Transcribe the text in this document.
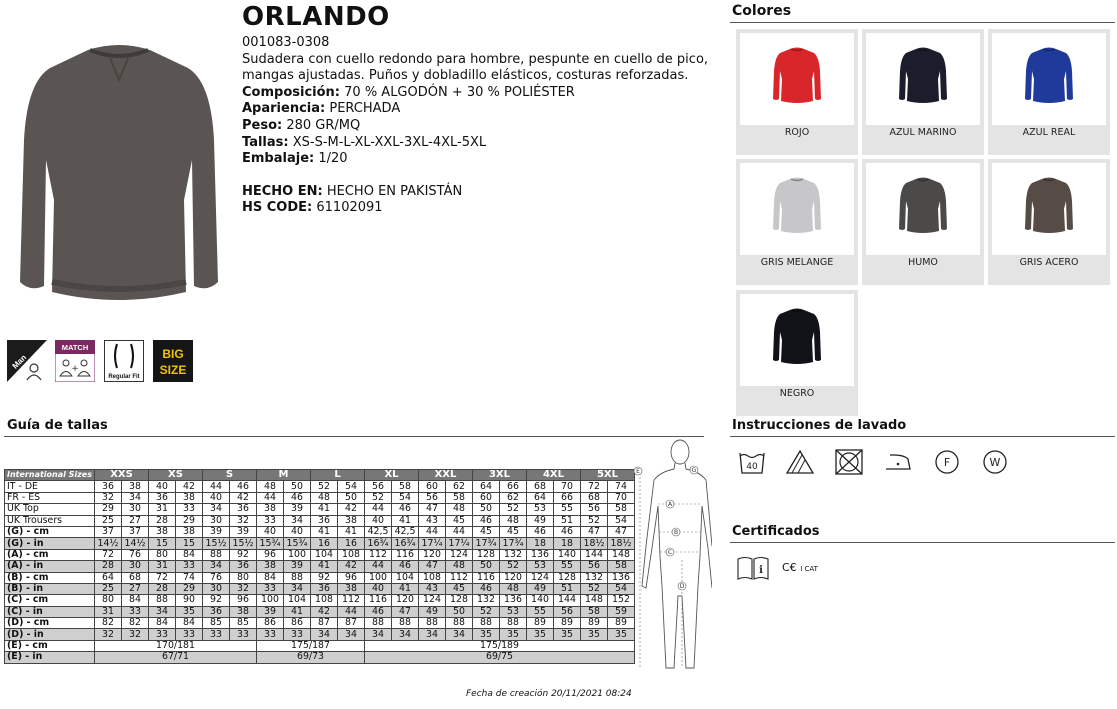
ORLANDO
001083-0308
Sudadera con cuello redondo para hombre, pespunte en cuello de pico, mangas ajustadas. Puños y dobladillo elásticos, costuras reforzadas.
Composición: 70 % ALGODÓN + 30 % POLIÉSTER
Apariencia: PERCHADA
Peso: 280 GR/MQ
Tallas: XS-S-M-L-XL-XXL-3XL-4XL-5XL
Embalaje: 1/20
HECHO EN: HECHO EN PAKISTÁN
HS CODE: 61102091
Man
MATCH
+
Regular Fit
BIG
SIZE
Colores
ROJO	AZUL MARINO	AZUL REAL
GRIS MELANGE	HUMO	GRIS ACERO
NEGRO
Guía de tallas
International Sizes	XXS		XS		S		M		L		XL		XXL		3XL		4XL		5XL	
IT - DE	36	38	40	42	44	46	48	50	52	54	56	58	60	62	64	66	68	70	72	74
FR - ES	32	34	36	38	40	42	44	46	48	50	52	54	56	58	60	62	64	66	68	70
UK Top	29	30	31	33	34	36	38	39	41	42	44	46	47	48	50	52	53	55	56	58
UK Trousers	25	27	28	29	30	32	33	34	36	38	40	41	43	45	46	48	49	51	52	54
(G) - cm	37	37	38	38	39	39	40	40	41	41	42,5	42,5	44	44	45	45	46	46	47	47
(G) - in	14½	14½	15	15	15½	15½	15¾	15¾	16	16	16¾	16¾	17¼	17¼	17¾	17¾	18	18	18½	18½
(A) - cm	72	76	80	84	88	92	96	100	104	108	112	116	120	124	128	132	136	140	144	148
(A) - in	28	30	31	33	34	36	38	39	41	42	44	46	47	48	50	52	53	55	56	58
(B) - cm	64	68	72	74	76	80	84	88	92	96	100	104	108	112	116	120	124	128	132	136
(B) - in	25	27	28	29	30	32	33	34	36	38	40	41	43	45	46	48	49	51	52	54
(C) - cm	80	84	88	90	92	96	100	104	108	112	116	120	124	128	132	136	140	144	148	152
(C) - in	31	33	34	35	36	38	39	41	42	44	46	47	49	50	52	53	55	56	58	59
(D) - cm	82	82	84	84	85	85	86	86	87	87	88	88	88	88	88	88	89	89	89	89
(D) - in	32	32	33	33	33	33	33	33	34	34	34	34	34	34	35	35	35	35	35	35
(E) - cm	170/181						175/187				175/189									
(E) - in	67/71						69/73				69/75									
A
B
C
D
E	G
Instrucciones de lavado
40	F	W
Certificados
i C€ I CAT
Fecha de creación 20/11/2021 08:24
